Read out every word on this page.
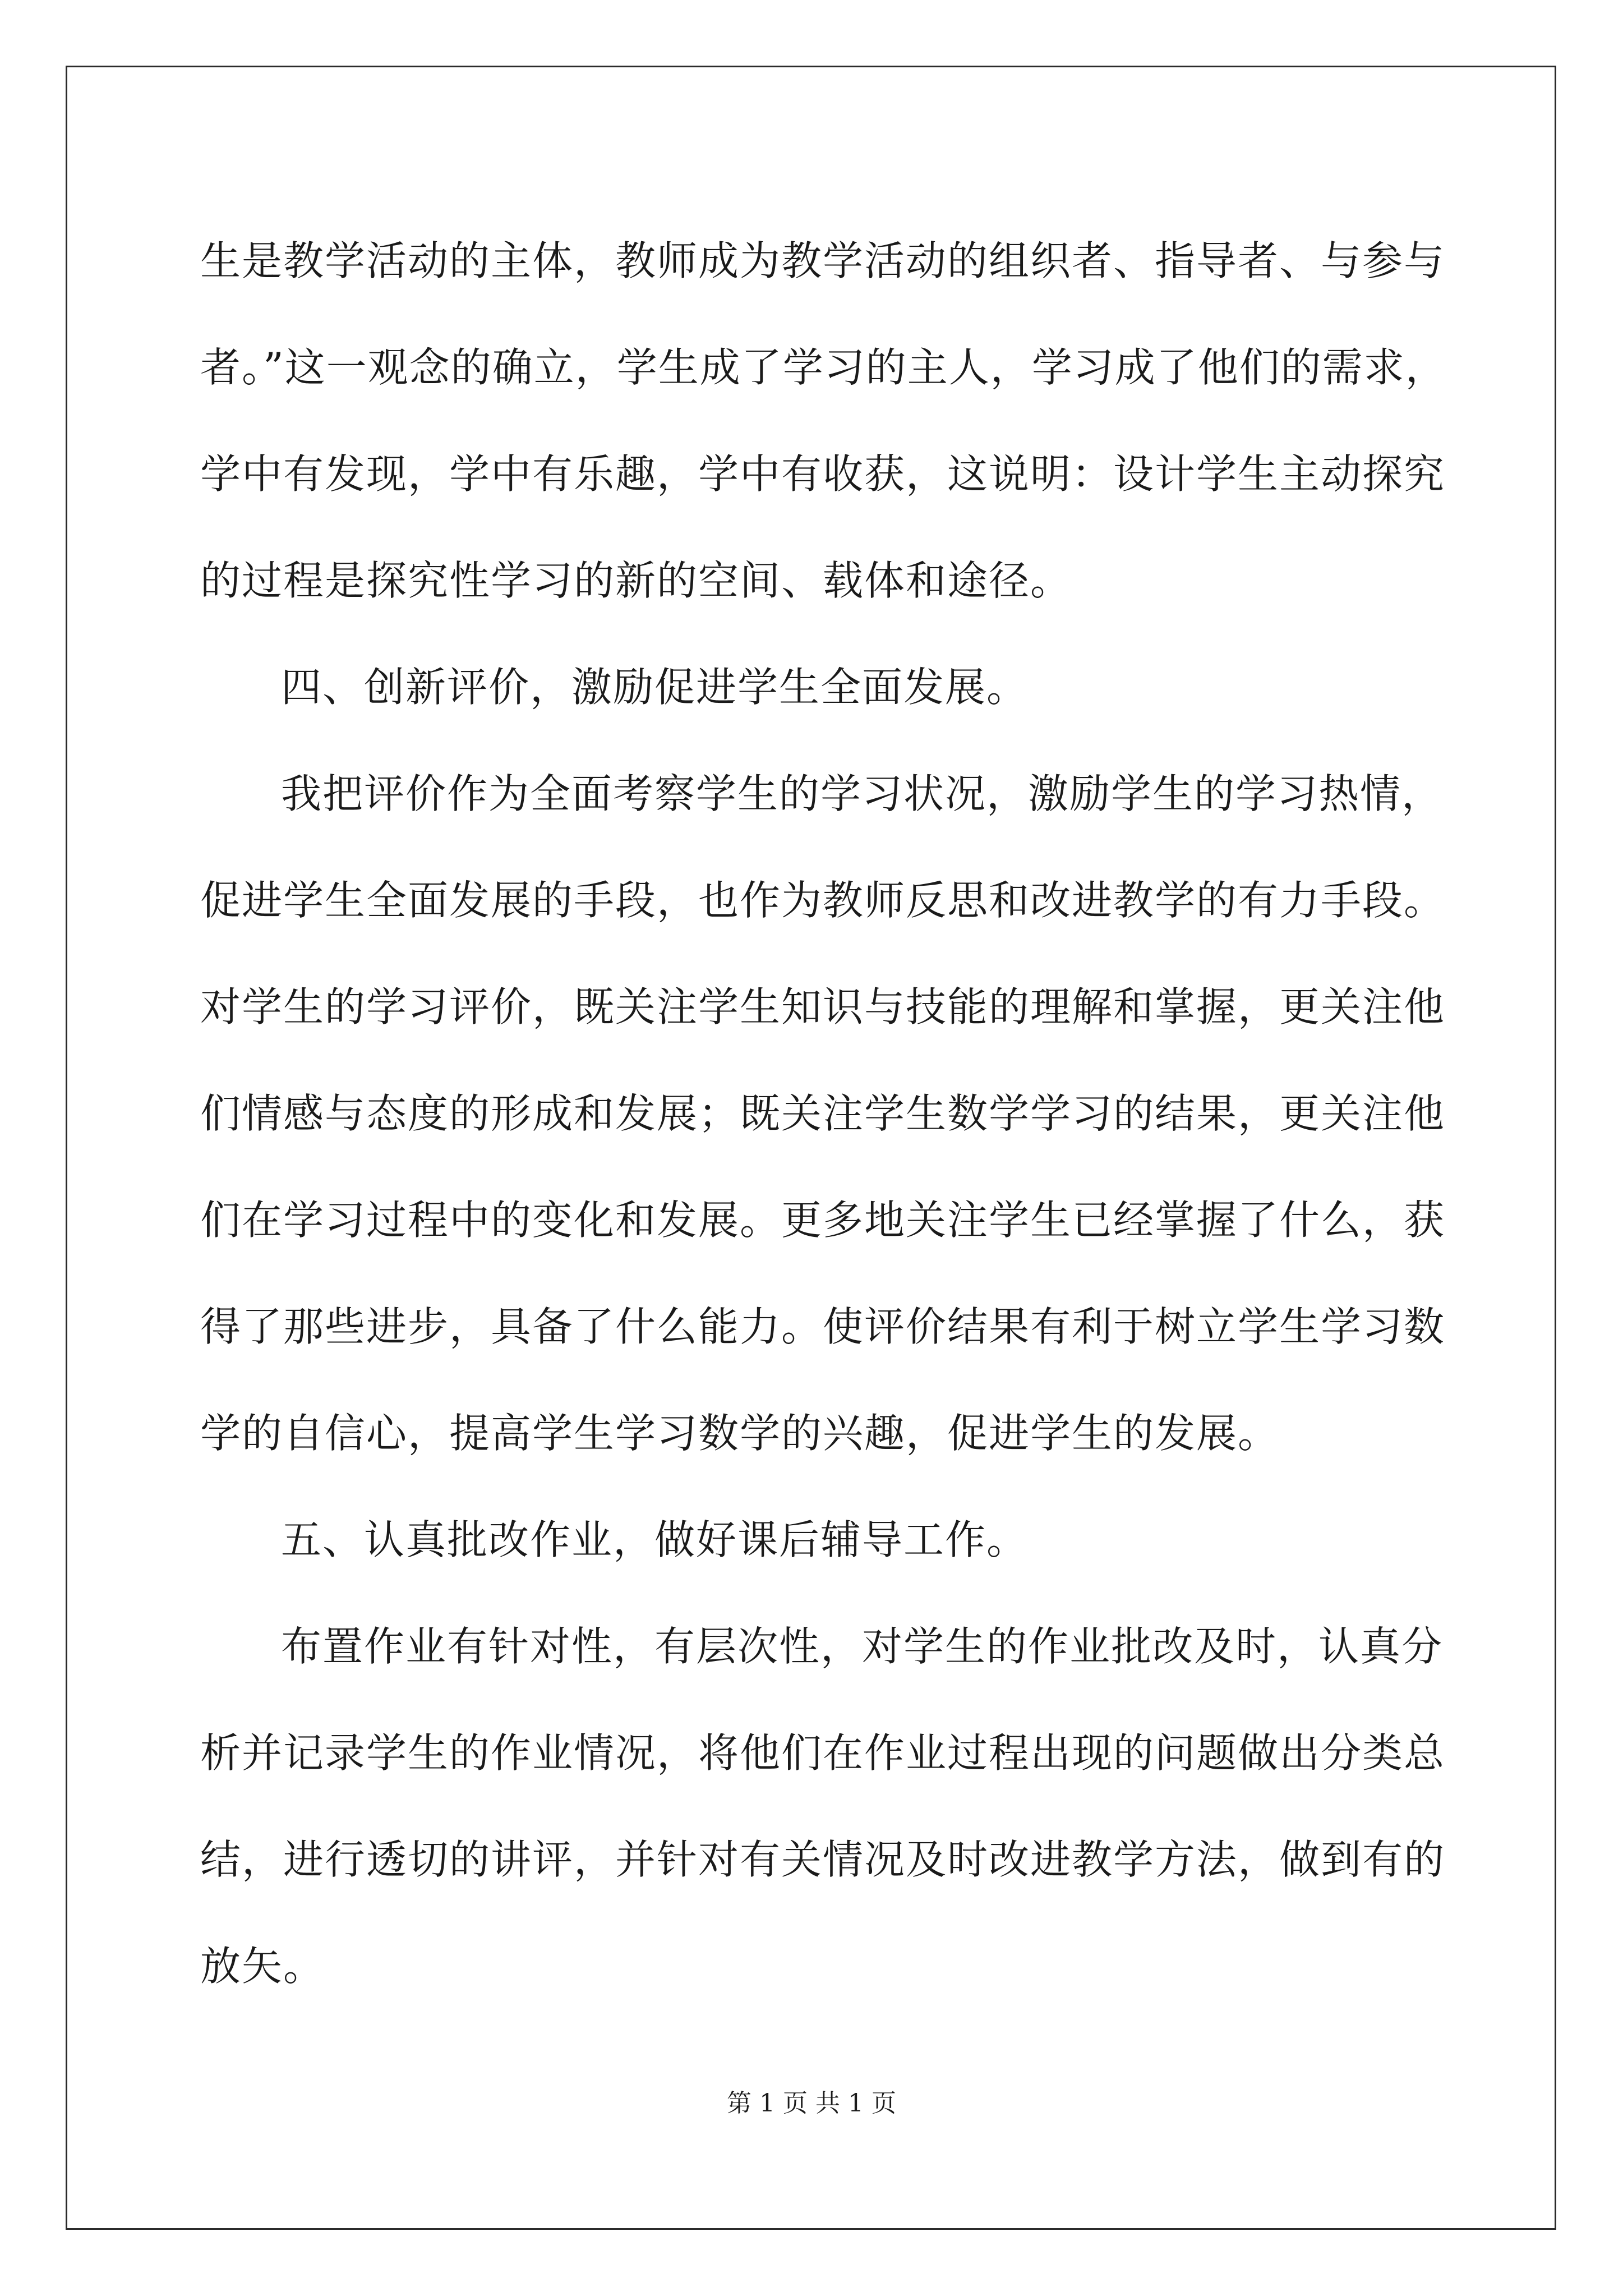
生是教学活动的主体，教师成为教学活动的组织者、指导者、与参与
者。”这一观念的确立，学生成了学习的主人，学习成了他们的需求，
学中有发现，学中有乐趣，学中有收获，这说明：设计学生主动探究
的过程是探究性学习的新的空间、载体和途径。
四、创新评价，激励促进学生全面发展。
我把评价作为全面考察学生的学习状况，激励学生的学习热情，
促进学生全面发展的手段，也作为教师反思和改进教学的有力手段。
对学生的学习评价，既关注学生知识与技能的理解和掌握，更关注他
们情感与态度的形成和发展；既关注学生数学学习的结果，更关注他
们在学习过程中的变化和发展。更多地关注学生已经掌握了什么，获
得了那些进步，具备了什么能力。使评价结果有利于树立学生学习数
学的自信心，提高学生学习数学的兴趣，促进学生的发展。
五、认真批改作业，做好课后辅导工作。
布置作业有针对性，有层次性，对学生的作业批改及时，认真分
析并记录学生的作业情况，将他们在作业过程出现的问题做出分类总
结，进行透切的讲评，并针对有关情况及时改进教学方法，做到有的
放矢。
第 1 页 共 1 页
